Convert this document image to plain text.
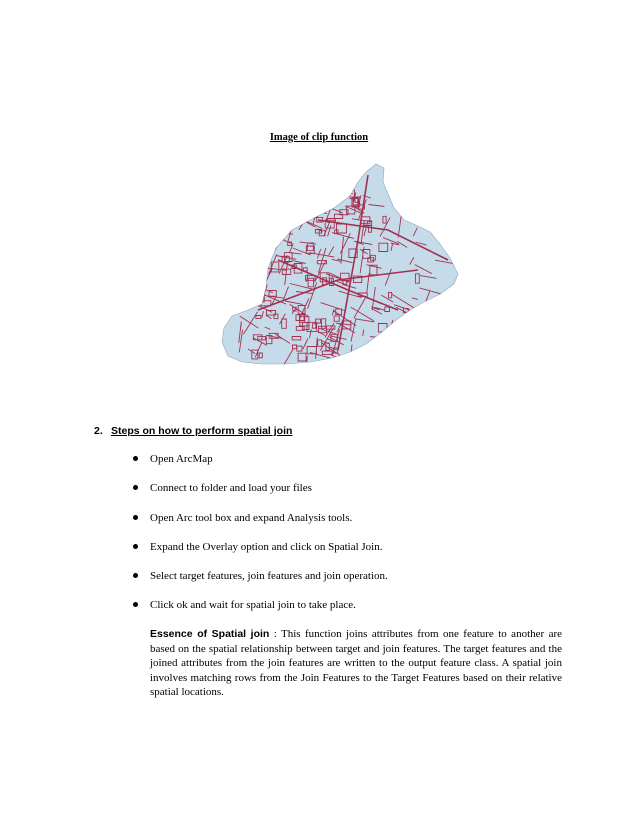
Image of clip function
2. Steps on how to perform spatial join
Open ArcMap
Connect to folder and load your files
Open Arc tool box and expand Analysis tools.
Expand the Overlay option and click on Spatial Join.
Select target features, join features and join operation.
Click ok and wait for spatial join to take place.

Essence of Spatial join : This function joins attributes from one feature to another are based on the spatial relationship between target and join features. The target features and the joined attributes from the join features are written to the output feature class. A spatial join involves matching rows from the Join Features to the Target Features based on their relative spatial locations.
